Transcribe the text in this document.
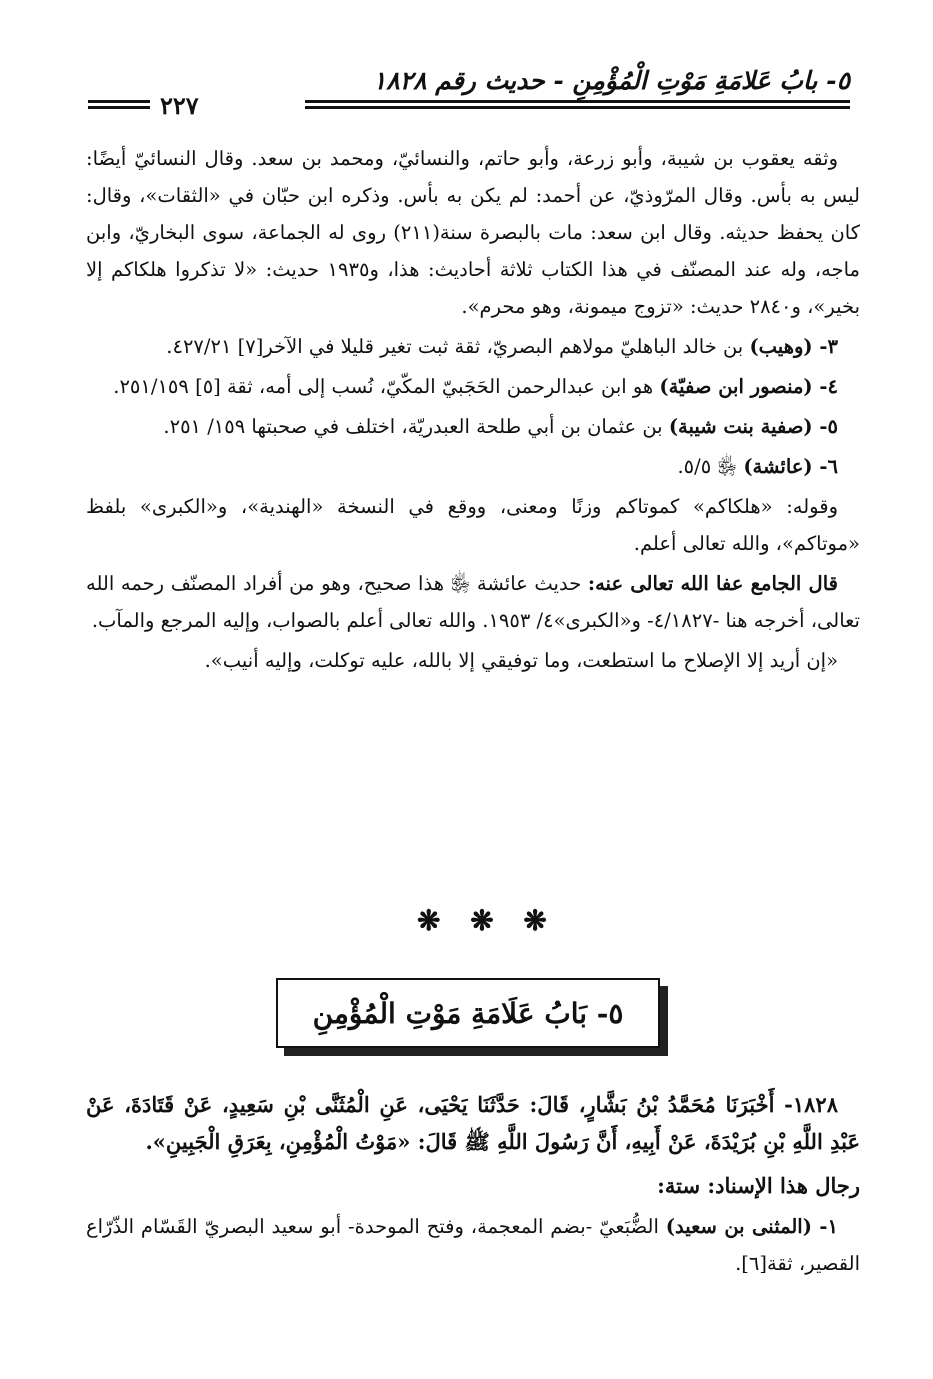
٥- بابُ عَلامَةِ مَوْتِ الْمُؤْمِنِ - حديث رقم ١٨٢٨
٢٢٧

وثقه يعقوب بن شيبة، وأبو زرعة، وأبو حاتم، والنسائيّ، ومحمد بن سعد. وقال النسائيّ أيضًا: ليس به بأس. وقال المرّوذيّ، عن أحمد: لم يكن به بأس. وذكره ابن حبّان في «الثقات»، وقال: كان يحفظ حديثه. وقال ابن سعد: مات بالبصرة سنة(٢١١) روى له الجماعة، سوى البخاريّ، وابن ماجه، وله عند المصنّف في هذا الكتاب ثلاثة أحاديث: هذا، و١٩٣٥ حديث: «لا تذكروا هلكاكم إلا بخير»، و٢٨٤٠ حديث: «تزوج ميمونة، وهو محرم».

٣- (وهيب) بن خالد الباهليّ مولاهم البصريّ، ثقة ثبت تغير قليلا في الآخر[٧] ٤٢٧/٢١.

٤- (منصور ابن صفيّة) هو ابن عبدالرحمن الحَجَبيّ المكّيّ، نُسب إلى أمه، ثقة [٥] ٢٥١/١٥٩.

٥- (صفية بنت شيبة) بن عثمان بن أبي طلحة العبدريّة، اختلف في صحبتها ١٥٩/ ٢٥١.

٦- (عائشة) ﵂ ٥/٥.

وقوله: «هلكاكم» كموتاكم وزنًا ومعنى، ووقع في النسخة «الهندية»، و«الكبرى» بلفظ «موتاكم»، والله تعالى أعلم.

قال الجامع عفا الله تعالى عنه: حديث عائشة ﵂ هذا صحيح، وهو من أفراد المصنّف رحمه الله تعالى، أخرجه هنا -٤/١٨٢٧- و«الكبرى»٤/ ١٩٥٣. والله تعالى أعلم بالصواب، وإليه المرجع والمآب.

«إن أريد إلا الإصلاح ما استطعت، وما توفيقي إلا بالله، عليه توكلت، وإليه أنيب».

❋ ❋ ❋
٥- بَابُ عَلَامَةِ مَوْتِ الْمُؤْمِنِ

١٨٢٨- أَخْبَرَنَا مُحَمَّدُ بْنُ بَشَّارٍ، قَالَ: حَدَّثَنَا يَحْيَى، عَنِ الْمُثَنَّى بْنِ سَعِيدٍ، عَنْ قَتَادَةَ، عَنْ عَبْدِ اللَّهِ بْنِ بُرَيْدَةَ، عَنْ أَبِيهِ، أَنَّ رَسُولَ اللَّهِ ﷺ قَالَ: «مَوْتُ الْمُؤْمِنِ، بِعَرَقِ الْجَبِينِ».

رجال هذا الإسناد: ستة:

١- (المثنى بن سعيد) الضُّبَعيّ -بضم المعجمة، وفتح الموحدة- أبو سعيد البصريّ القَسّام الذّرّاع القصير، ثقة[٦].
